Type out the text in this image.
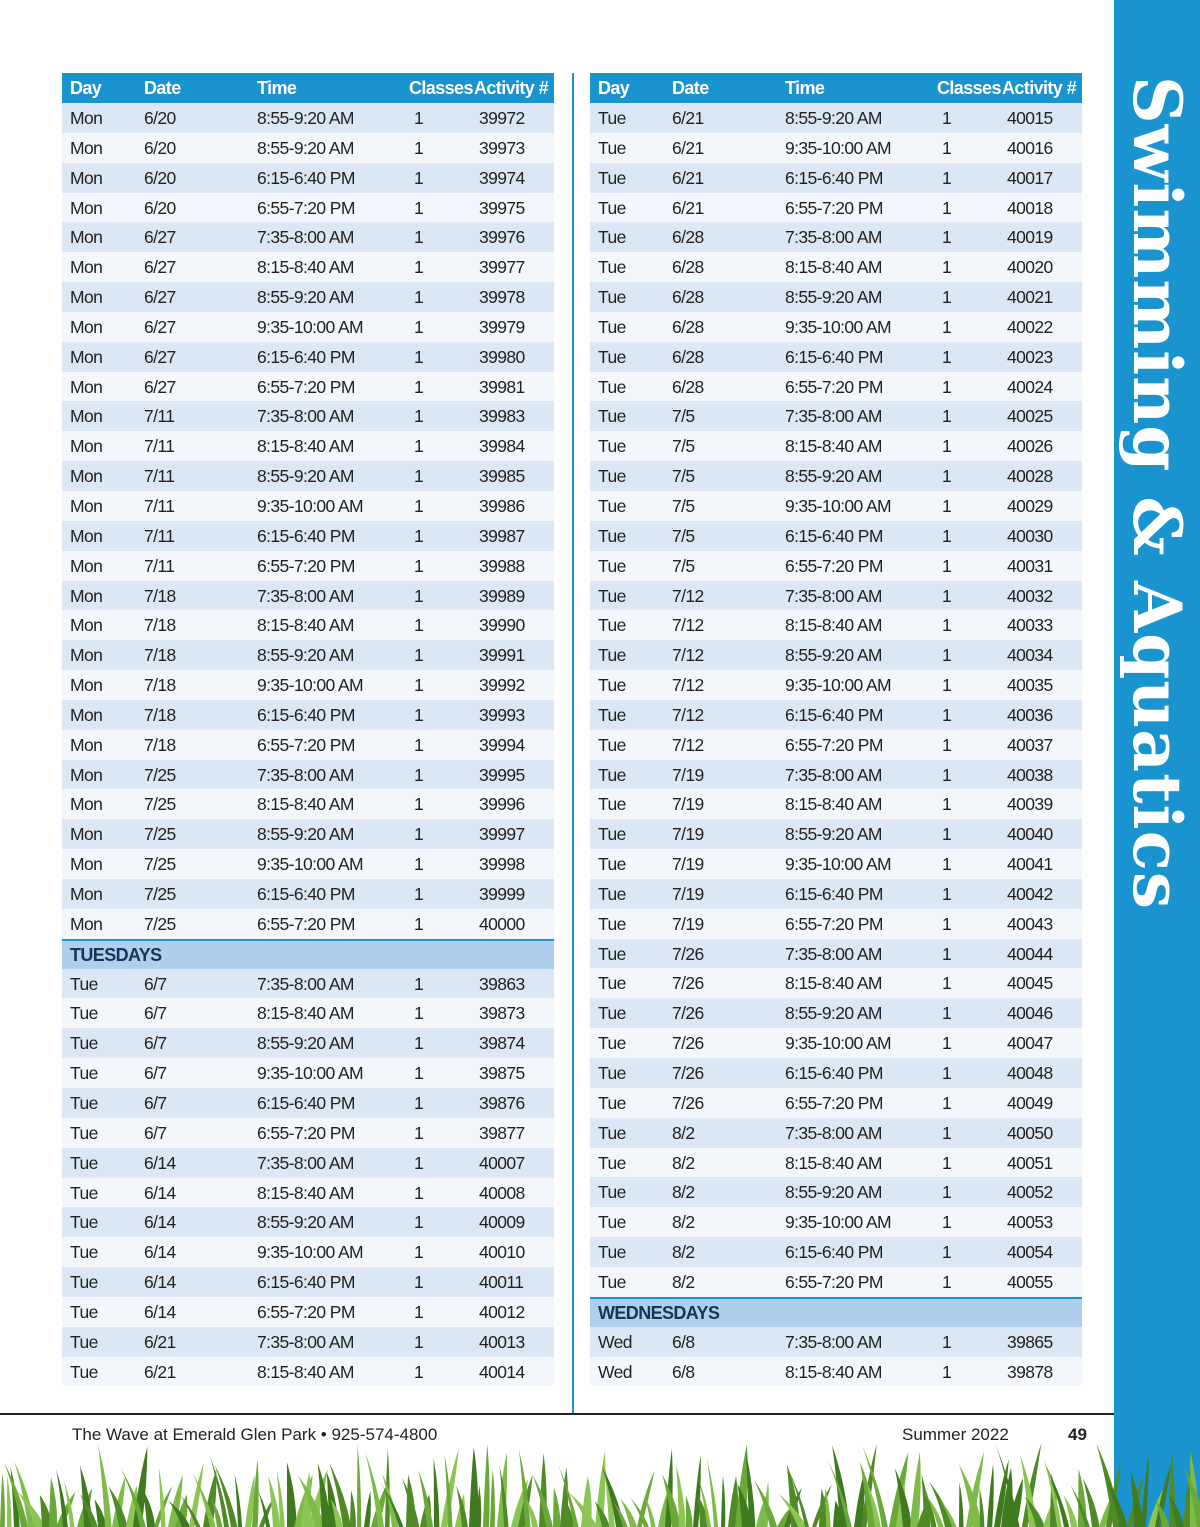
Swimming & Aquatics
Day Date	Time	Classes Activity #
Mon 6/20	8:55-9:20 AM	1	39972
Mon 6/20	8:55-9:20 AM	1	39973
Mon 6/20	6:15-6:40 PM	1	39974
Mon 6/20	6:55-7:20 PM	1	39975
Mon 6/27	7:35-8:00 AM	1	39976
Mon 6/27	8:15-8:40 AM	1	39977
Mon 6/27	8:55-9:20 AM	1	39978
Mon 6/27	9:35-10:00 AM	1	39979
Mon 6/27	6:15-6:40 PM	1	39980
Mon 6/27	6:55-7:20 PM	1	39981
Mon 7/11	7:35-8:00 AM	1	39983
Mon 7/11	8:15-8:40 AM	1	39984
Mon 7/11	8:55-9:20 AM	1	39985
Mon 7/11	9:35-10:00 AM	1	39986
Mon 7/11	6:15-6:40 PM	1	39987
Mon 7/11	6:55-7:20 PM	1	39988
Mon 7/18	7:35-8:00 AM	1	39989
Mon 7/18	8:15-8:40 AM	1	39990
Mon 7/18	8:55-9:20 AM	1	39991
Mon 7/18	9:35-10:00 AM	1	39992
Mon 7/18	6:15-6:40 PM	1	39993
Mon 7/18	6:55-7:20 PM	1	39994
Mon 7/25	7:35-8:00 AM	1	39995
Mon 7/25	8:15-8:40 AM	1	39996
Mon 7/25	8:55-9:20 AM	1	39997
Mon 7/25	9:35-10:00 AM	1	39998
Mon 7/25	6:15-6:40 PM	1	39999
Mon 7/25	6:55-7:20 PM	1	40000
TUESDAYS
Tue	6/7	7:35-8:00 AM	1	39863
Tue	6/7	8:15-8:40 AM	1	39873
Tue	6/7	8:55-9:20 AM	1	39874
Tue	6/7	9:35-10:00 AM	1	39875
Tue	6/7	6:15-6:40 PM	1	39876
Tue	6/7	6:55-7:20 PM	1	39877
Tue	6/14	7:35-8:00 AM	1	40007
Tue	6/14	8:15-8:40 AM	1	40008
Tue	6/14	8:55-9:20 AM	1	40009
Tue	6/14	9:35-10:00 AM	1	40010
Tue	6/14	6:15-6:40 PM	1	40011
Tue	6/14	6:55-7:20 PM	1	40012
Tue	6/21	7:35-8:00 AM	1	40013
Tue	6/21	8:15-8:40 AM	1	40014
Day Date	Time	Classes Activity #
Tue	6/21	8:55-9:20 AM	1	40015
Tue	6/21	9:35-10:00 AM	1	40016
Tue	6/21	6:15-6:40 PM	1	40017
Tue	6/21	6:55-7:20 PM	1	40018
Tue	6/28	7:35-8:00 AM	1	40019
Tue	6/28	8:15-8:40 AM	1	40020
Tue	6/28	8:55-9:20 AM	1	40021
Tue	6/28	9:35-10:00 AM	1	40022
Tue	6/28	6:15-6:40 PM	1	40023
Tue	6/28	6:55-7:20 PM	1	40024
Tue	7/5	7:35-8:00 AM	1	40025
Tue	7/5	8:15-8:40 AM	1	40026
Tue	7/5	8:55-9:20 AM	1	40028
Tue	7/5	9:35-10:00 AM	1	40029
Tue	7/5	6:15-6:40 PM	1	40030
Tue	7/5	6:55-7:20 PM	1	40031
Tue	7/12	7:35-8:00 AM	1	40032
Tue	7/12	8:15-8:40 AM	1	40033
Tue	7/12	8:55-9:20 AM	1	40034
Tue	7/12	9:35-10:00 AM	1	40035
Tue	7/12	6:15-6:40 PM	1	40036
Tue	7/12	6:55-7:20 PM	1	40037
Tue	7/19	7:35-8:00 AM	1	40038
Tue	7/19	8:15-8:40 AM	1	40039
Tue	7/19	8:55-9:20 AM	1	40040
Tue	7/19	9:35-10:00 AM	1	40041
Tue	7/19	6:15-6:40 PM	1	40042
Tue	7/19	6:55-7:20 PM	1	40043
Tue	7/26	7:35-8:00 AM	1	40044
Tue	7/26	8:15-8:40 AM	1	40045
Tue	7/26	8:55-9:20 AM	1	40046
Tue	7/26	9:35-10:00 AM	1	40047
Tue	7/26	6:15-6:40 PM	1	40048
Tue	7/26	6:55-7:20 PM	1	40049
Tue	8/2	7:35-8:00 AM	1	40050
Tue	8/2	8:15-8:40 AM	1	40051
Tue	8/2	8:55-9:20 AM	1	40052
Tue	8/2	9:35-10:00 AM	1	40053
Tue	8/2	6:15-6:40 PM	1	40054
Tue	8/2	6:55-7:20 PM	1	40055
WEDNESDAYS
Wed 6/8	7:35-8:00 AM	1	39865
Wed 6/8	8:15-8:40 AM	1	39878
The Wave at Emerald Glen Park • 925-574-4800	Summer 2022	49
